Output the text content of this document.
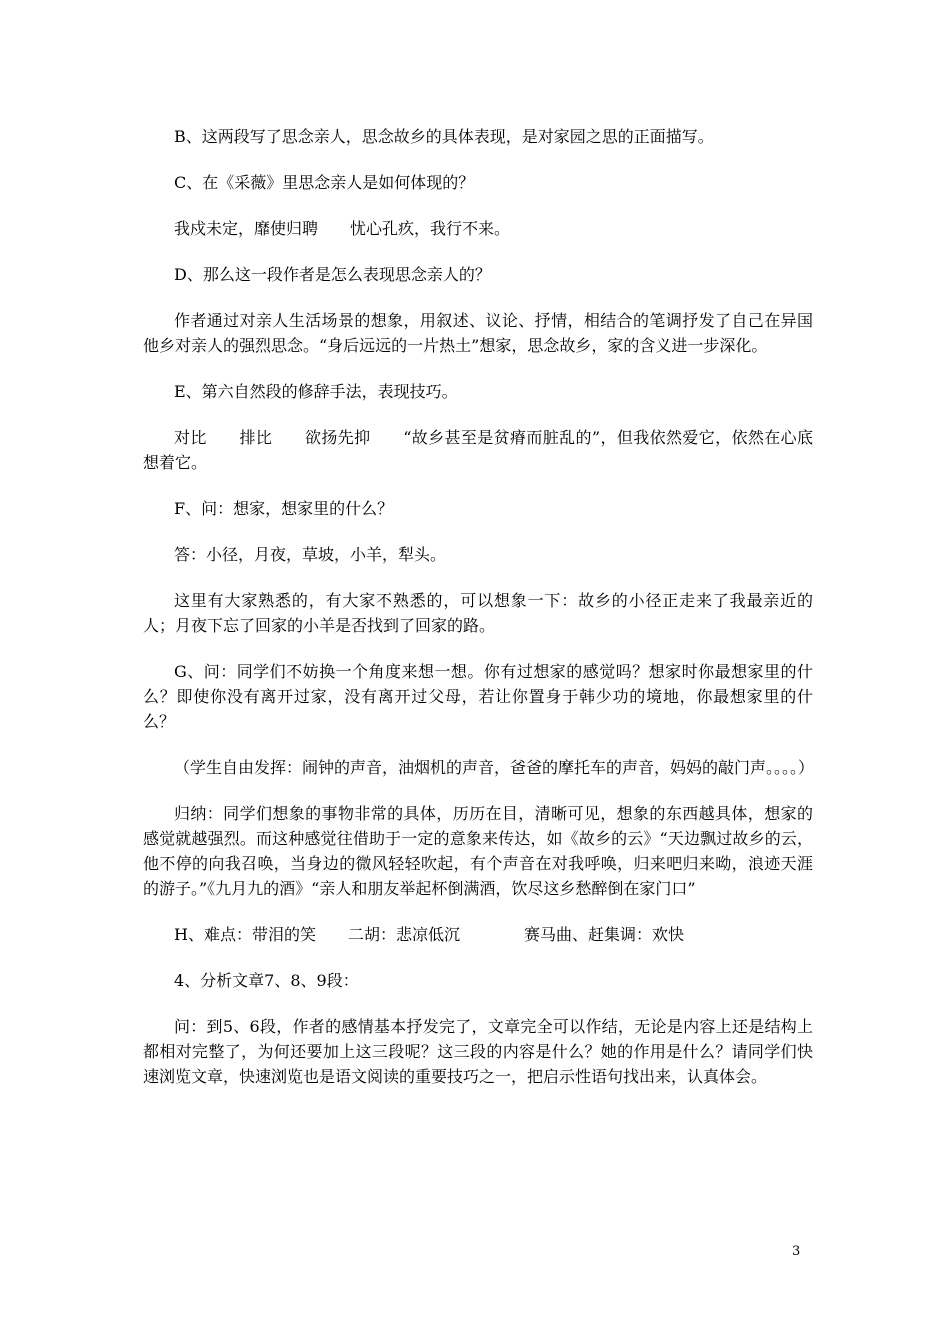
B、这两段写了思念亲人，思念故乡的具体表现，是对家园之思的正面描写。

C、在《采薇》里思念亲人是如何体现的？

我戍未定，靡使归聘　　忧心孔疚，我行不来。

D、那么这一段作者是怎么表现思念亲人的？

作者通过对亲人生活场景的想象，用叙述、议论、抒情，相结合的笔调抒发了自己在异国他乡对亲人的强烈思念。“身后远远的一片热土”想家，思念故乡，家的含义进一步深化。

E、第六自然段的修辞手法，表现技巧。

对比　　排比　　欲扬先抑　　“故乡甚至是贫瘠而脏乱的”，但我依然爱它，依然在心底想着它。

F、问：想家，想家里的什么？

答：小径，月夜，草坡，小羊，犁头。

这里有大家熟悉的，有大家不熟悉的，可以想象一下：故乡的小径正走来了我最亲近的人；月夜下忘了回家的小羊是否找到了回家的路。

G、问：同学们不妨换一个角度来想一想。你有过想家的感觉吗？想家时你最想家里的什么？即使你没有离开过家，没有离开过父母，若让你置身于韩少功的境地，你最想家里的什么？

（学生自由发挥：闹钟的声音，油烟机的声音，爸爸的摩托车的声音，妈妈的敲门声。。。。）

归纳：同学们想象的事物非常的具体，历历在目，清晰可见，想象的东西越具体，想家的感觉就越强烈。而这种感觉往借助于一定的意象来传达，如《故乡的云》“天边飘过故乡的云，他不停的向我召唤，当身边的微风轻轻吹起，有个声音在对我呼唤，归来吧归来呦，浪迹天涯的游子。”《九月九的酒》“亲人和朋友举起杯倒满酒，饮尽这乡愁醉倒在家门口”

H、难点：带泪的笑　　二胡：悲凉低沉　　　　赛马曲、赶集调：欢快

4、分析文章7、8、9段：

问：到5、6段，作者的感情基本抒发完了，文章完全可以作结，无论是内容上还是结构上都相对完整了，为何还要加上这三段呢？这三段的内容是什么？她的作用是什么？请同学们快速浏览文章，快速浏览也是语文阅读的重要技巧之一，把启示性语句找出来，认真体会。

3
